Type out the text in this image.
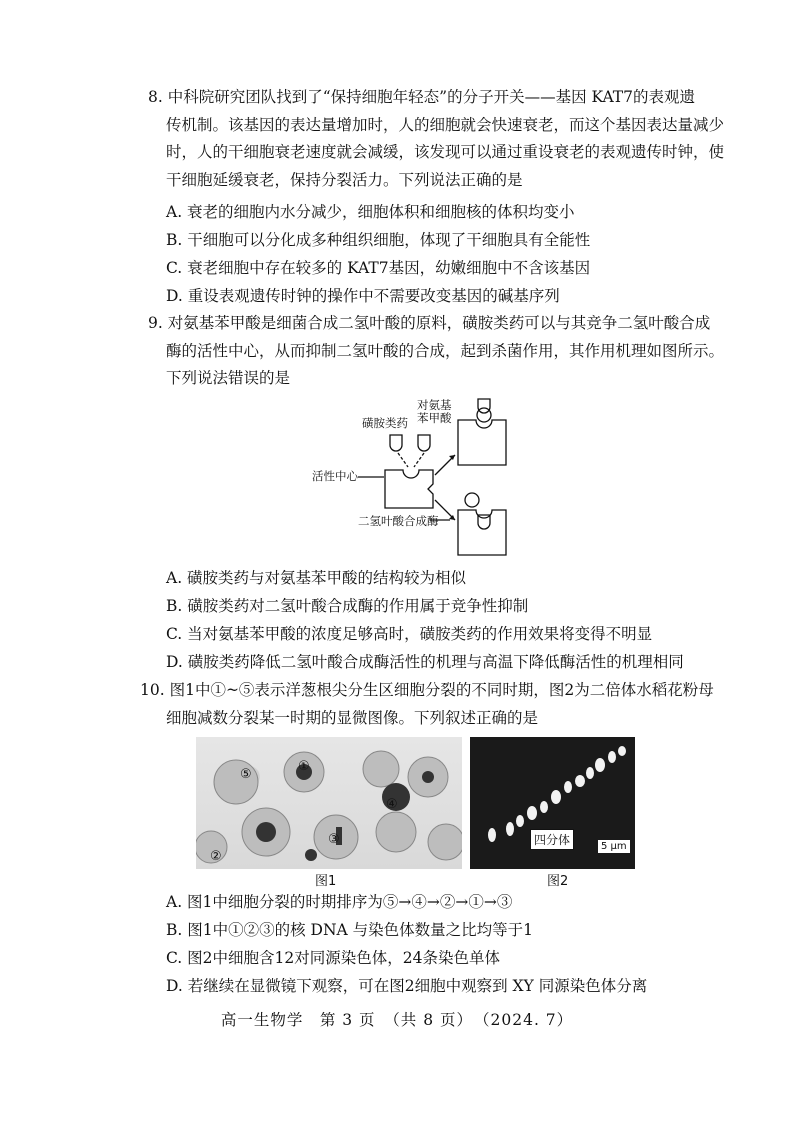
8. 中科院研究团队找到了“保持细胞年轻态”的分子开关——基因 KAT7的表观遗
传机制。该基因的表达量增加时，人的细胞就会快速衰老，而这个基因表达量减少
时，人的干细胞衰老速度就会减缓，该发现可以通过重设衰老的表观遗传时钟，使
干细胞延缓衰老，保持分裂活力。下列说法正确的是
A. 衰老的细胞内水分减少，细胞体积和细胞核的体积均变小
B. 干细胞可以分化成多种组织细胞，体现了干细胞具有全能性
C. 衰老细胞中存在较多的 KAT7基因，幼嫩细胞中不含该基因
D. 重设表观遗传时钟的操作中不需要改变基因的碱基序列
9. 对氨基苯甲酸是细菌合成二氢叶酸的原料，磺胺类药可以与其竞争二氢叶酸合成
酶的活性中心，从而抑制二氢叶酸的合成，起到杀菌作用，其作用机理如图所示。
下列说法错误的是
磺胺类药
对氨基
苯甲酸
活性中心
二氢叶酸合成酶
A. 磺胺类药与对氨基苯甲酸的结构较为相似
B. 磺胺类药对二氢叶酸合成酶的作用属于竞争性抑制
C. 当对氨基苯甲酸的浓度足够高时，磺胺类药的作用效果将变得不明显
D. 磺胺类药降低二氢叶酸合成酶活性的机理与高温下降低酶活性的机理相同
10. 图1中①~⑤表示洋葱根尖分生区细胞分裂的不同时期，图2为二倍体水稻花粉母
细胞减数分裂某一时期的显微图像。下列叙述正确的是
⑤
①
④
③
②
四分体	5 μm
图1	图2
A. 图1中细胞分裂的时期排序为⑤→④→②→①→③
B. 图1中①②③的核 DNA 与染色体数量之比均等于1
C. 图2中细胞含12对同源染色体，24条染色单体
D. 若继续在显微镜下观察，可在图2细胞中观察到 XY 同源染色体分离
高一生物学　第 3 页　（共 8 页）　（2024. 7）
